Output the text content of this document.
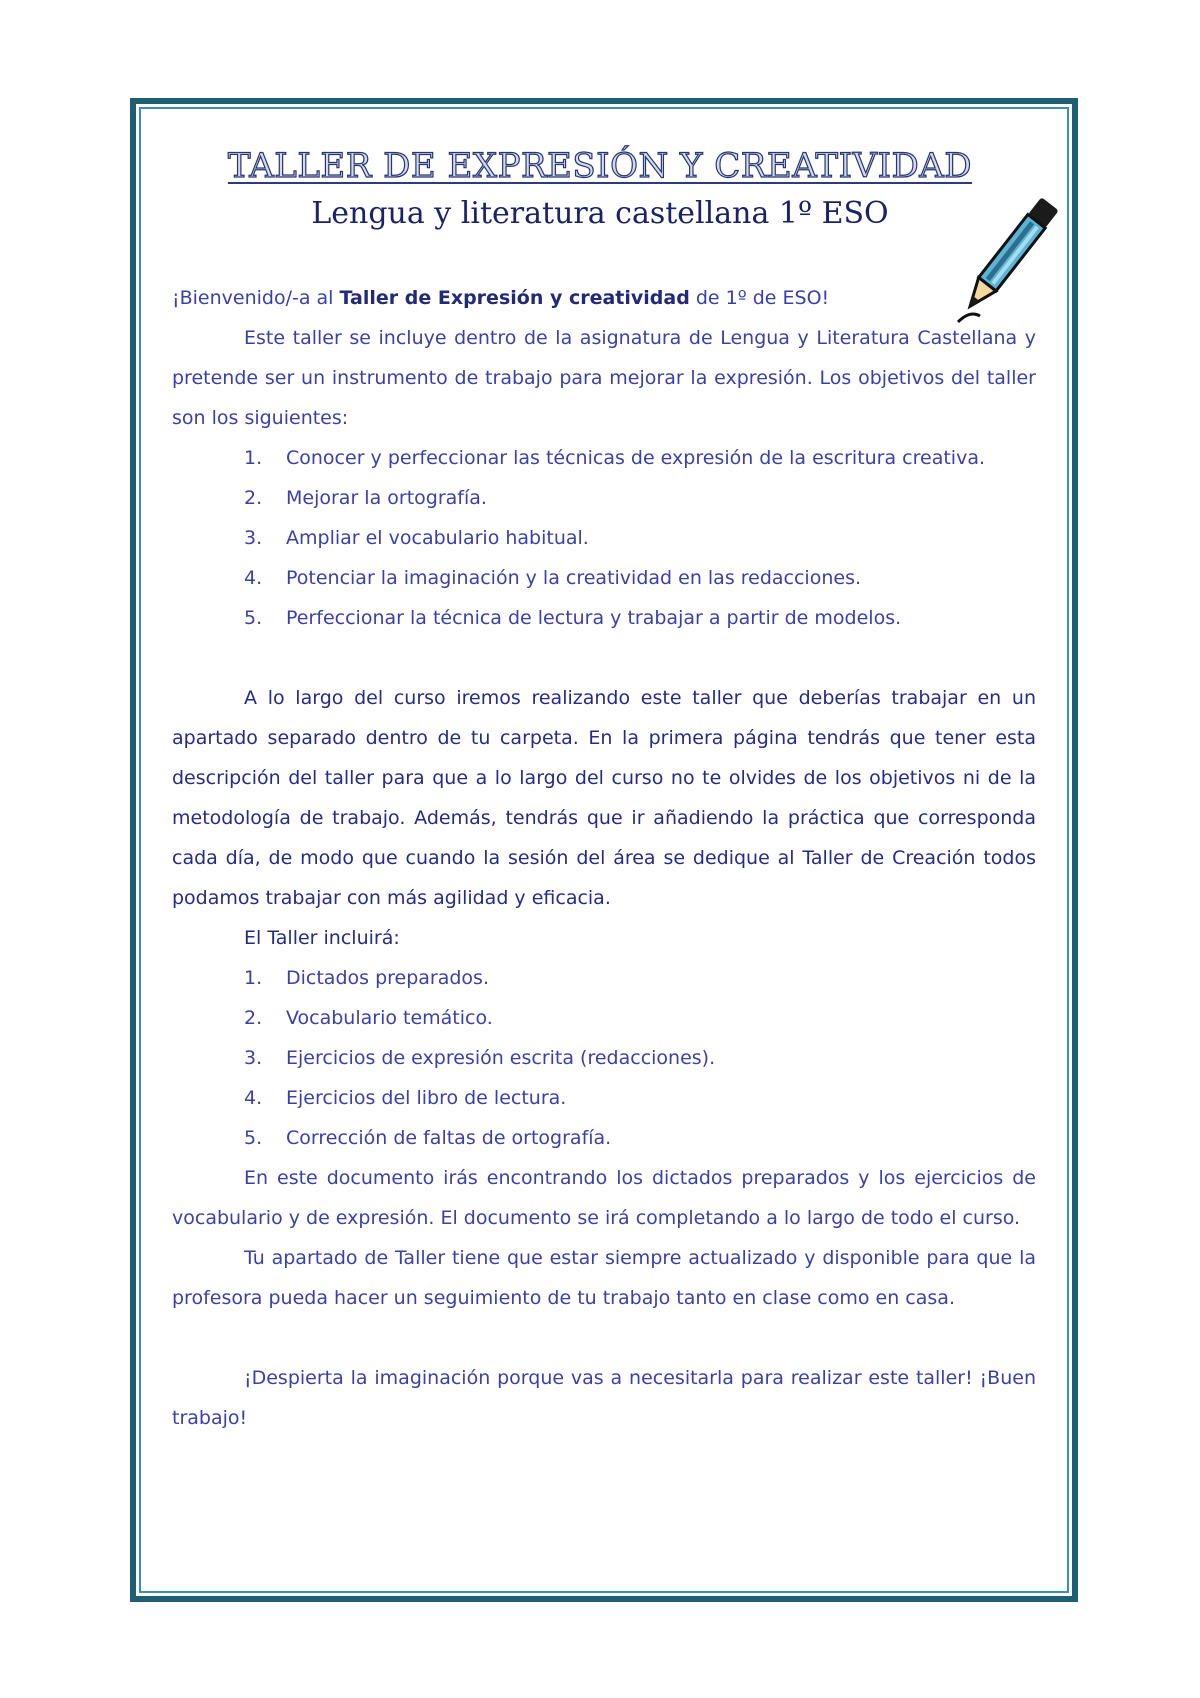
TALLER DE EXPRESIÓN Y CREATIVIDAD
Lengua y literatura castellana 1º ESO

¡Bienvenido/-a al Taller de Expresión y creatividad de 1º de ESO!

Este taller se incluye dentro de la asignatura de Lengua y Literatura Castellana y pretende ser un instrumento de trabajo para mejorar la expresión. Los objetivos del taller son los siguientes:

1.	Conocer y perfeccionar las técnicas de expresión de la escritura creativa.
2.	Mejorar la ortografía.
3.	Ampliar el vocabulario habitual.
4.	Potenciar la imaginación y la creatividad en las redacciones.
5.	Perfeccionar la técnica de lectura y trabajar a partir de modelos.

A lo largo del curso iremos realizando este taller que deberías trabajar en un apartado separado dentro de tu carpeta. En la primera página tendrás que tener esta descripción del taller para que a lo largo del curso no te olvides de los objetivos ni de la metodología de trabajo. Además, tendrás que ir añadiendo la práctica que corresponda cada día, de modo que cuando la sesión del área se dedique al Taller de Creación todos podamos trabajar con más agilidad y eficacia.

El Taller incluirá:

1.	Dictados preparados.
2.	Vocabulario temático.
3.	Ejercicios de expresión escrita (redacciones).
4.	Ejercicios del libro de lectura.
5.	Corrección de faltas de ortografía.

En este documento irás encontrando los dictados preparados y los ejercicios de vocabulario y de expresión. El documento se irá completando a lo largo de todo el curso.

Tu apartado de Taller tiene que estar siempre actualizado y disponible para que la profesora pueda hacer un seguimiento de tu trabajo tanto en clase como en casa.

¡Despierta la imaginación porque vas a necesitarla para realizar este taller! ¡Buen trabajo!
